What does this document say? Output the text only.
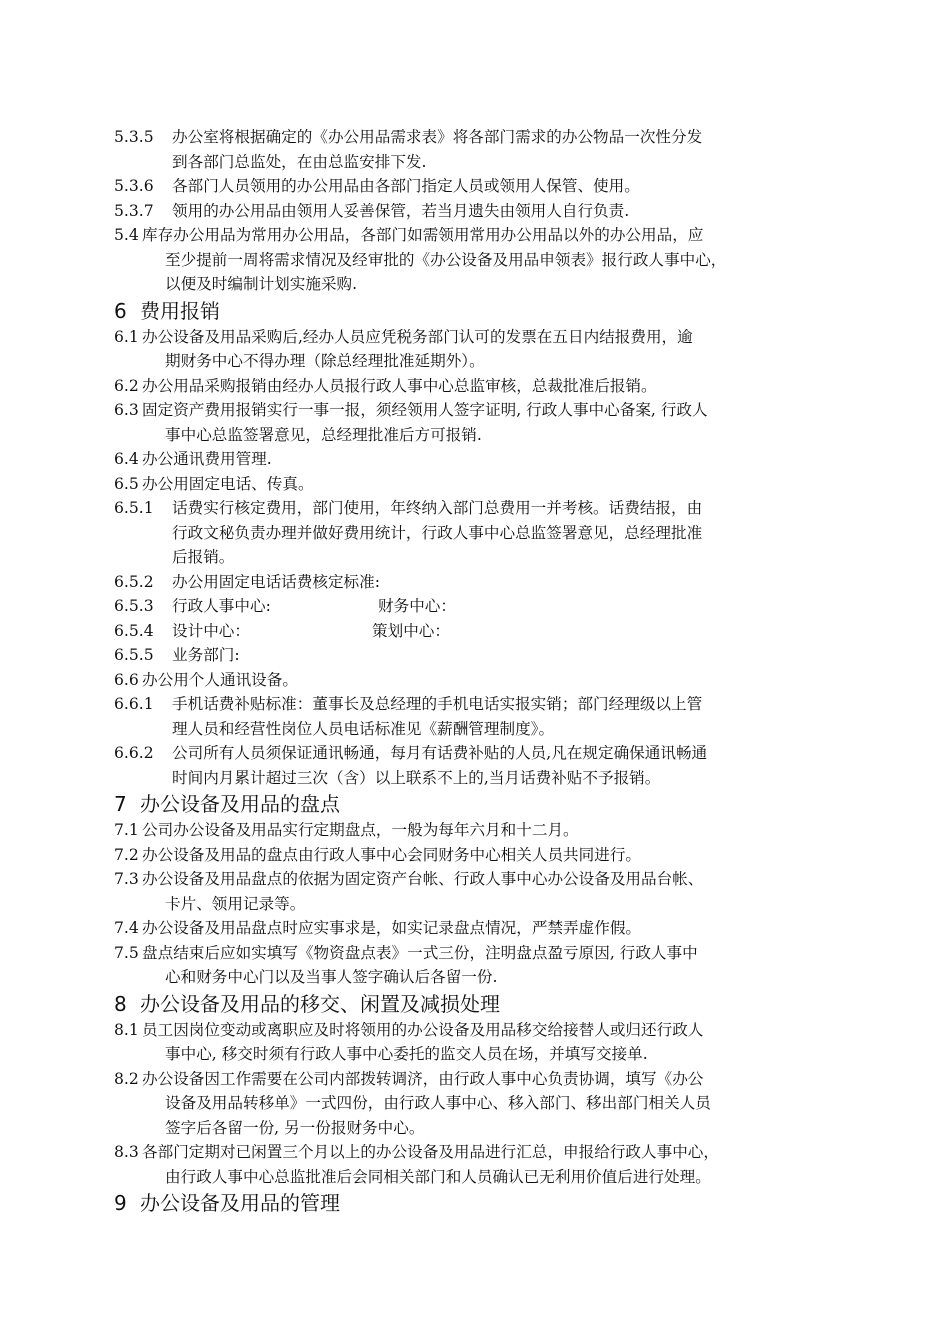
5.3.5	办公室将根据确定的《办公用品需求表》将各部门需求的办公物品一次性分发
到各部门总监处，在由总监安排下发.
5.3.6	各部门人员领用的办公用品由各部门指定人员或领用人保管、使用。
5.3.7	领用的办公用品由领用人妥善保管，若当月遗失由领用人自行负责.
5.4 库存办公用品为常用办公用品，各部门如需领用常用办公用品以外的办公用品，应
至少提前一周将需求情况及经审批的《办公设备及用品申领表》报行政人事中心，
以便及时编制计划实施采购.
6 费用报销
6.1 办公设备及用品采购后,经办人员应凭税务部门认可的发票在五日内结报费用，逾
期财务中心不得办理（除总经理批准延期外）。
6.2 办公用品采购报销由经办人员报行政人事中心总监审核，总裁批准后报销。
6.3 固定资产费用报销实行一事一报，须经领用人签字证明, 行政人事中心备案, 行政人
事中心总监签署意见，总经理批准后方可报销.
6.4 办公通讯费用管理.
6.5 办公用固定电话、传真。
6.5.1	话费实行核定费用，部门使用，年终纳入部门总费用一并考核。话费结报，由
行政文秘负责办理并做好费用统计，行政人事中心总监签署意见，总经理批准
后报销。
6.5.2	办公用固定电话话费核定标准:
6.5.3 行政人事中心:	财务中心：
6.5.4 设计中心：	策划中心：
6.5.5	业务部门:
6.6 办公用个人通讯设备。
6.6.1	手机话费补贴标准：董事长及总经理的手机电话实报实销；部门经理级以上管
理人员和经营性岗位人员电话标准见《薪酬管理制度》。
6.6.2	公司所有人员须保证通讯畅通，每月有话费补贴的人员,凡在规定确保通讯畅通
时间内月累计超过三次（含）以上联系不上的,当月话费补贴不予报销。
7 办公设备及用品的盘点
7.1 公司办公设备及用品实行定期盘点，一般为每年六月和十二月。
7.2 办公设备及用品的盘点由行政人事中心会同财务中心相关人员共同进行。
7.3 办公设备及用品盘点的依据为固定资产台帐、行政人事中心办公设备及用品台帐、
卡片、领用记录等。
7.4 办公设备及用品盘点时应实事求是，如实记录盘点情况，严禁弄虚作假。
7.5 盘点结束后应如实填写《物资盘点表》一式三份，注明盘点盈亏原因, 行政人事中
心和财务中心门以及当事人签字确认后各留一份.
8 办公设备及用品的移交、闲置及减损处理
8.1 员工因岗位变动或离职应及时将领用的办公设备及用品移交给接替人或归还行政人
事中心, 移交时须有行政人事中心委托的监交人员在场，并填写交接单.
8.2 办公设备因工作需要在公司内部拨转调济，由行政人事中心负责协调，填写《办公
设备及用品转移单》一式四份，由行政人事中心、移入部门、移出部门相关人员
签字后各留一份, 另一份报财务中心。
8.3 各部门定期对已闲置三个月以上的办公设备及用品进行汇总，申报给行政人事中心，
由行政人事中心总监批准后会同相关部门和人员确认已无利用价值后进行处理。
9 办公设备及用品的管理
